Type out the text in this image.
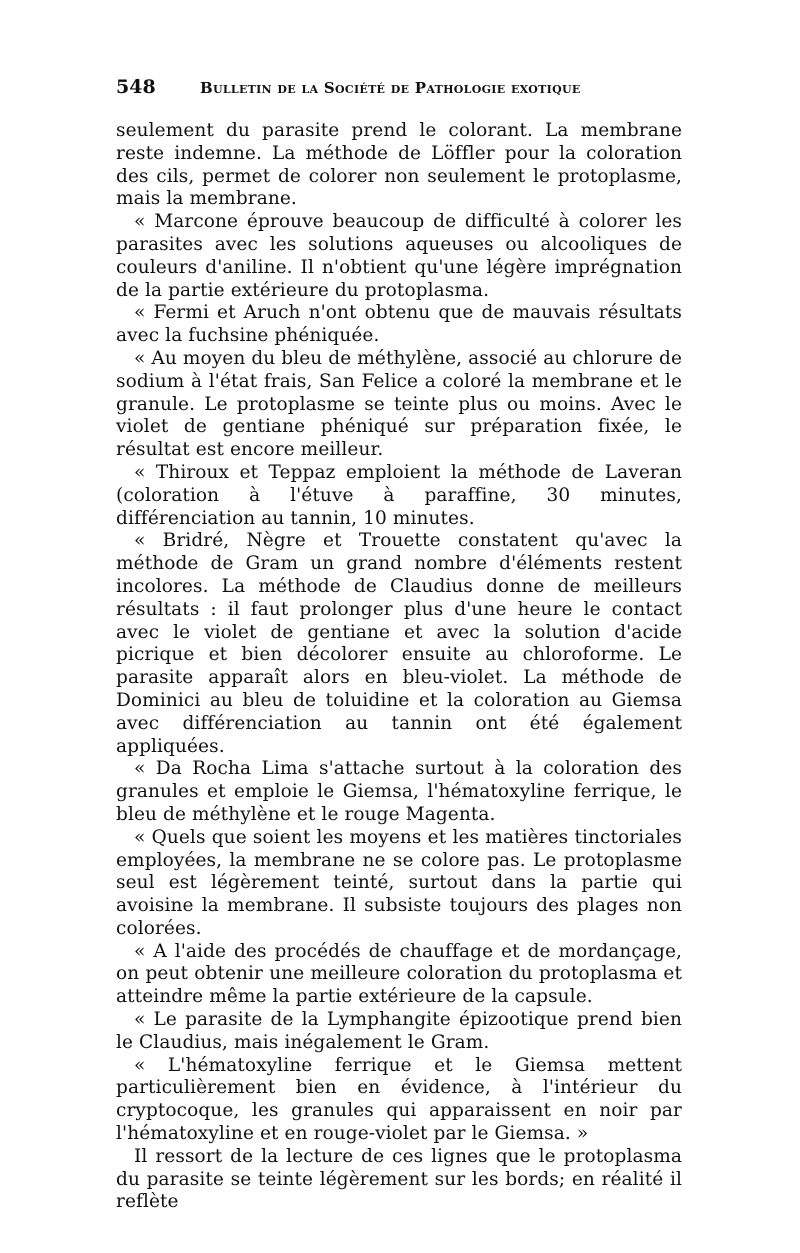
548	Bulletin de la Société de Pathologie exotique

seulement du parasite prend le colorant. La membrane reste indemne. La méthode de Löffler pour la coloration des cils, permet de colorer non seulement le protoplasme, mais la membrane.

« Marcone éprouve beaucoup de difficulté à colorer les parasites avec les solutions aqueuses ou alcooliques de couleurs d'aniline. Il n'obtient qu'une légère imprégnation de la partie extérieure du protoplasma.

« Fermi et Aruch n'ont obtenu que de mauvais résultats avec la fuchsine phéniquée.

« Au moyen du bleu de méthylène, associé au chlorure de sodium à l'état frais, San Felice a coloré la membrane et le granule. Le protoplasme se teinte plus ou moins. Avec le violet de gentiane phéniqué sur préparation fixée, le résultat est encore meilleur.

« Thiroux et Teppaz emploient la méthode de Laveran (coloration à l'étuve à paraffine, 30 minutes, différenciation au tannin, 10 minutes.

« Bridré, Nègre et Trouette constatent qu'avec la méthode de Gram un grand nombre d'éléments restent incolores. La méthode de Claudius donne de meilleurs résultats : il faut prolonger plus d'une heure le contact avec le violet de gentiane et avec la solution d'acide picrique et bien décolorer ensuite au chloroforme. Le parasite apparaît alors en bleu-violet. La méthode de Dominici au bleu de toluidine et la coloration au Giemsa avec différenciation au tannin ont été également appliquées.

« Da Rocha Lima s'attache surtout à la coloration des granules et emploie le Giemsa, l'hématoxyline ferrique, le bleu de méthylène et le rouge Magenta.

« Quels que soient les moyens et les matières tinctoriales employées, la membrane ne se colore pas. Le protoplasme seul est légèrement teinté, surtout dans la partie qui avoisine la membrane. Il subsiste toujours des plages non colorées.

« A l'aide des procédés de chauffage et de mordançage, on peut obtenir une meilleure coloration du protoplasma et atteindre même la partie extérieure de la capsule.

« Le parasite de la Lymphangite épizootique prend bien le Claudius, mais inégalement le Gram.

« L'hématoxyline ferrique et le Giemsa mettent particulièrement bien en évidence, à l'intérieur du cryptocoque, les granules qui apparaissent en noir par l'hématoxyline et en rouge-violet par le Giemsa. »

Il ressort de la lecture de ces lignes que le protoplasma du parasite se teinte légèrement sur les bords; en réalité il reflète
